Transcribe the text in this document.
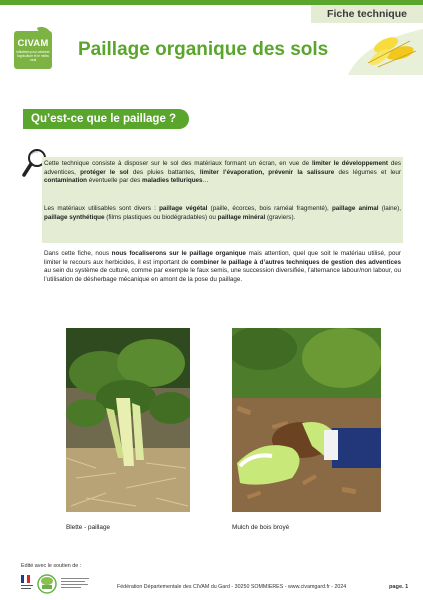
Fiche technique
CIVAM
Initiatives pour valoriser l'agriculture et le milieu rural	Paillage organique des sols
Qu’est-ce que le paillage ?

Cette technique consiste à disposer sur le sol des matériaux formant un écran, en vue de limiter le développement des adventices, protéger le sol des pluies battantes, limiter l’évaporation, prévenir la salissure des légumes et leur contamination éventuelle par des maladies telluriques…

Les matériaux utilisables sont divers : paillage végétal (paille, écorces, bois raméal fragmenté), paillage animal (laine), paillage synthétique (films plastiques ou biodégradables) ou paillage minéral (graviers).

Dans cette fiche, nous nous focaliserons sur le paillage organique mais attention, quel que soit le matériau utilisé, pour limiter le recours aux herbicides, il est important de combiner le paillage à d’autres techniques de gestion des adventices au sein du système de culture, comme par exemple le faux semis, une succession diversifiée, l’alternance labour/non labour, ou l’utilisation de désherbage mécanique en amont de la pose du paillage.

Blette - paillage	Mulch de bois broyé
Edité avec le soutien de :
Fédération Départementale des CIVAM du Gard - 30250 SOMMIERES - www.civamgard.fr - 2024	page. 1
